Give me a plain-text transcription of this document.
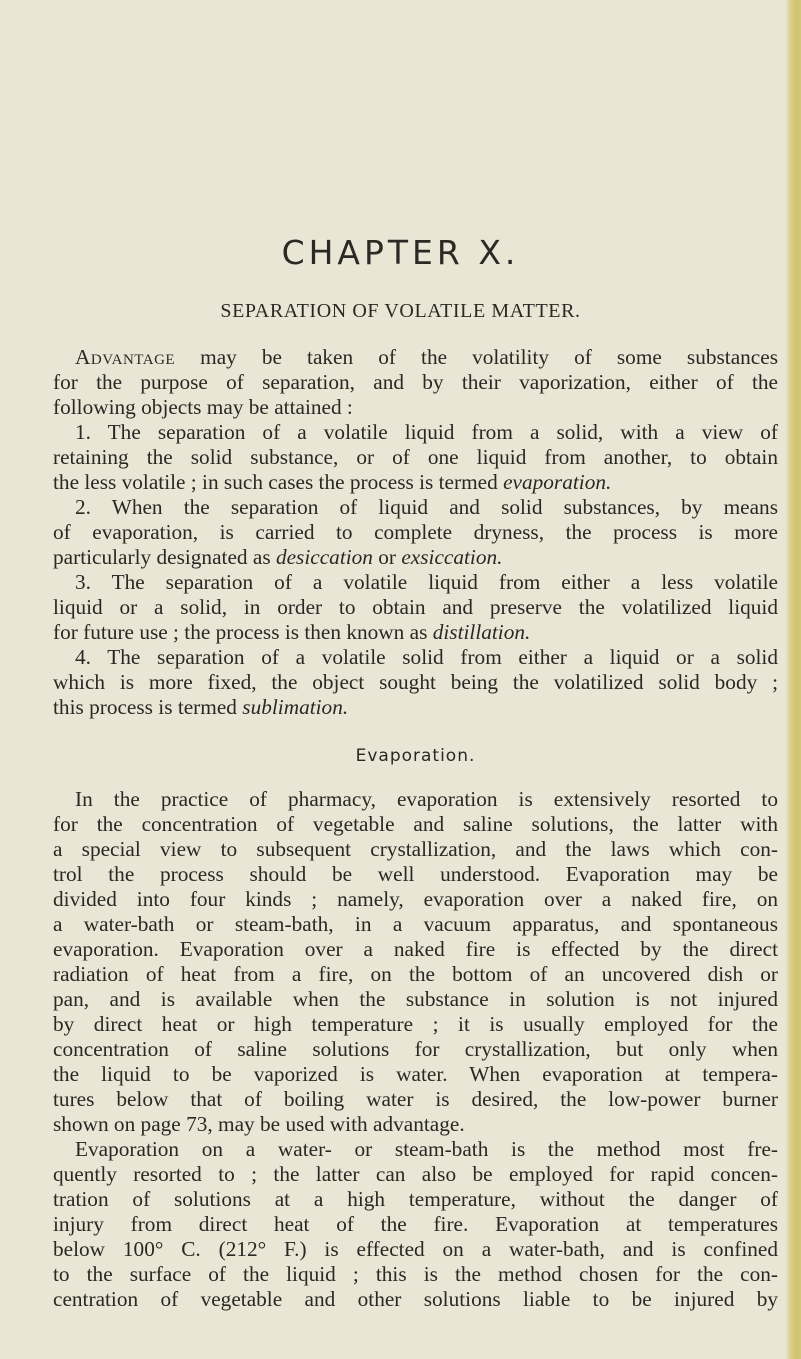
CHAPTER X.
SEPARATION OF VOLATILE MATTER.
Advantage may be taken of the volatility of some substances
for the purpose of separation, and by their vaporization, either of the
following objects may be attained :
1. The separation of a volatile liquid from a solid, with a view of
retaining the solid substance, or of one liquid from another, to obtain
the less volatile ; in such cases the process is termed evaporation.
2. When the separation of liquid and solid substances, by means
of evaporation, is carried to complete dryness, the process is more
particularly designated as desiccation or exsiccation.
3. The separation of a volatile liquid from either a less volatile
liquid or a solid, in order to obtain and preserve the volatilized liquid
for future use ; the process is then known as distillation.
4. The separation of a volatile solid from either a liquid or a solid
which is more fixed, the object sought being the volatilized solid body ;
this process is termed sublimation.
Evaporation.
In the practice of pharmacy, evaporation is extensively resorted to
for the concentration of vegetable and saline solutions, the latter with
a special view to subsequent crystallization, and the laws which con-
trol the process should be well understood. Evaporation may be
divided into four kinds ; namely, evaporation over a naked fire, on
a water-bath or steam-bath, in a vacuum apparatus, and spontaneous
evaporation. Evaporation over a naked fire is effected by the direct
radiation of heat from a fire, on the bottom of an uncovered dish or
pan, and is available when the substance in solution is not injured
by direct heat or high temperature ; it is usually employed for the
concentration of saline solutions for crystallization, but only when
the liquid to be vaporized is water. When evaporation at tempera-
tures below that of boiling water is desired, the low-power burner
shown on page 73, may be used with advantage.
Evaporation on a water- or steam-bath is the method most fre-
quently resorted to ; the latter can also be employed for rapid concen-
tration of solutions at a high temperature, without the danger of
injury from direct heat of the fire. Evaporation at temperatures
below 100° C. (212° F.) is effected on a water-bath, and is confined
to the surface of the liquid ; this is the method chosen for the con-
centration of vegetable and other solutions liable to be injured by
